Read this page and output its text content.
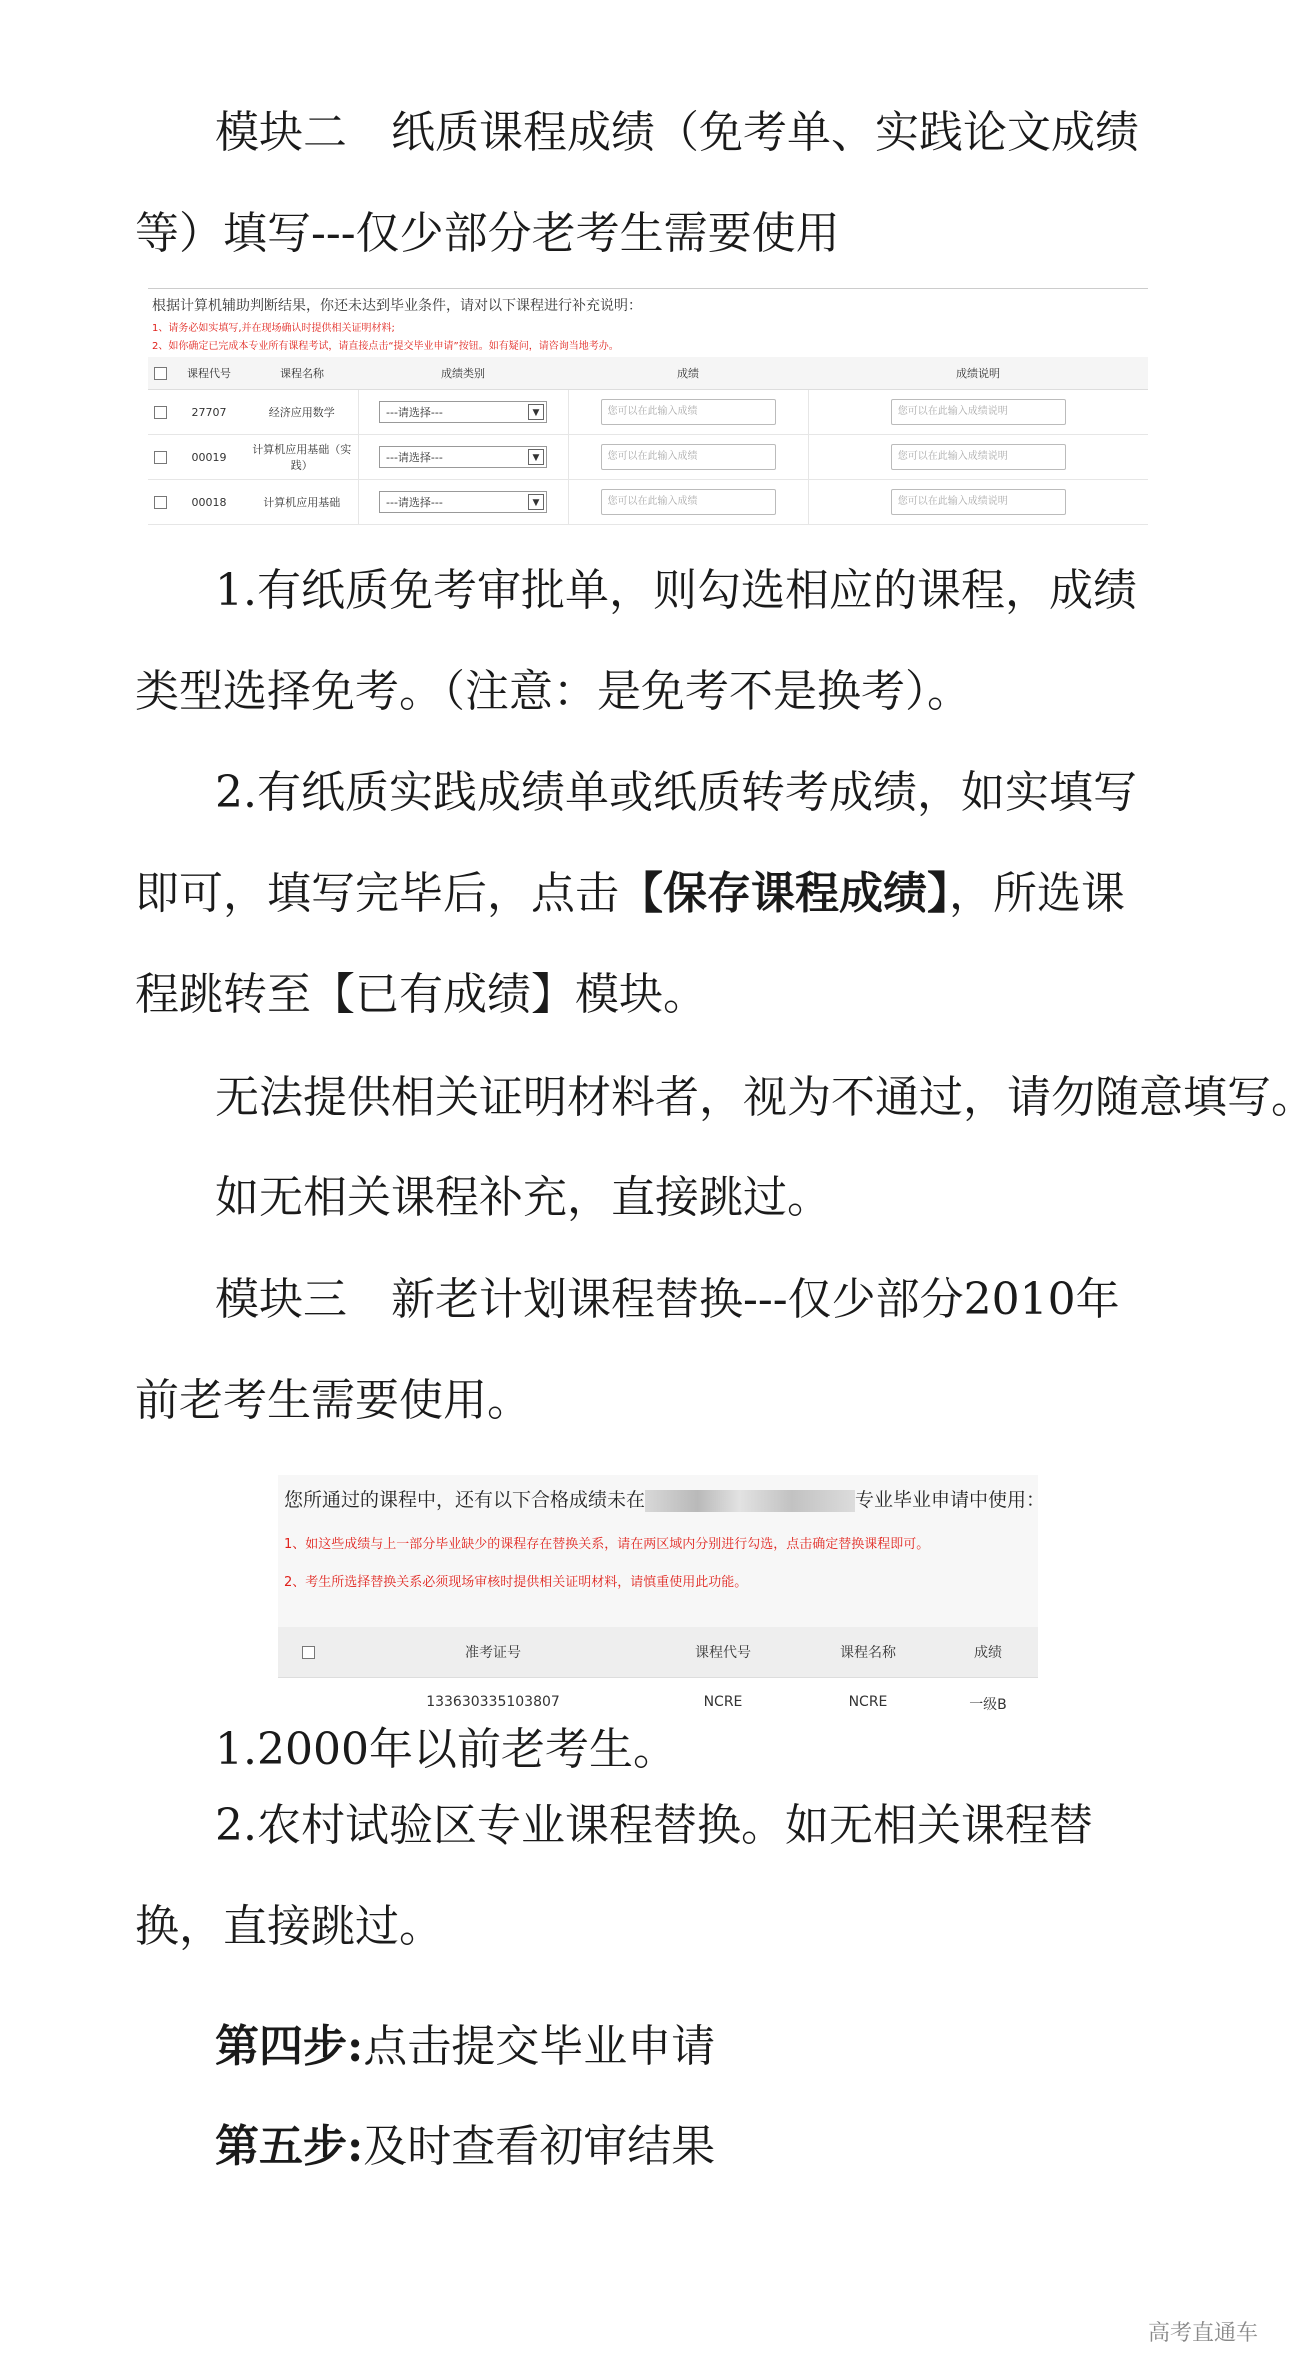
模块二　纸质课程成绩（免考单、实践论文成绩等）填写---仅少部分老考生需要使用

根据计算机辅助判断结果，你还未达到毕业条件，请对以下课程进行补充说明：
1、请务必如实填写,并在现场确认时提供相关证明材料;
2、如你确定已完成本专业所有课程考试，请直接点击“提交毕业申请”按钮。如有疑问，请咨询当地考办。
	课程代号	课程名称	成绩类别	成绩	成绩说明
	27707	经济应用数学	---请选择--- ▼	您可以在此输入成绩	您可以在此输入成绩说明
	00019	计算机应用基础（实践）	---请选择--- ▼	您可以在此输入成绩	您可以在此输入成绩说明
	00018	计算机应用基础	---请选择--- ▼	您可以在此输入成绩	您可以在此输入成绩说明

1.有纸质免考审批单，则勾选相应的课程，成绩类型选择免考。（注意：是免考不是换考）。

2.有纸质实践成绩单或纸质转考成绩，如实填写即可，填写完毕后，点击【保存课程成绩】，所选课程跳转至【已有成绩】模块。

无法提供相关证明材料者，视为不通过，请勿随意填写。

如无相关课程补充，直接跳过。

模块三　新老计划课程替换---仅少部分2010年前老考生需要使用。

您所通过的课程中，还有以下合格成绩未在	专业毕业申请中使用：
1、如这些成绩与上一部分毕业缺少的课程存在替换关系，请在两区域内分别进行勾选，点击确定替换课程即可。
2、考生所选择替换关系必须现场审核时提供相关证明材料，请慎重使用此功能。
	准考证号	课程代号	课程名称	成绩
	133630335103807	NCRE	NCRE	一级B

1.2000年以前老考生。

2.农村试验区专业课程替换。如无相关课程替换，直接跳过。

第四步:点击提交毕业申请

第五步:及时查看初审结果

高考直通车
